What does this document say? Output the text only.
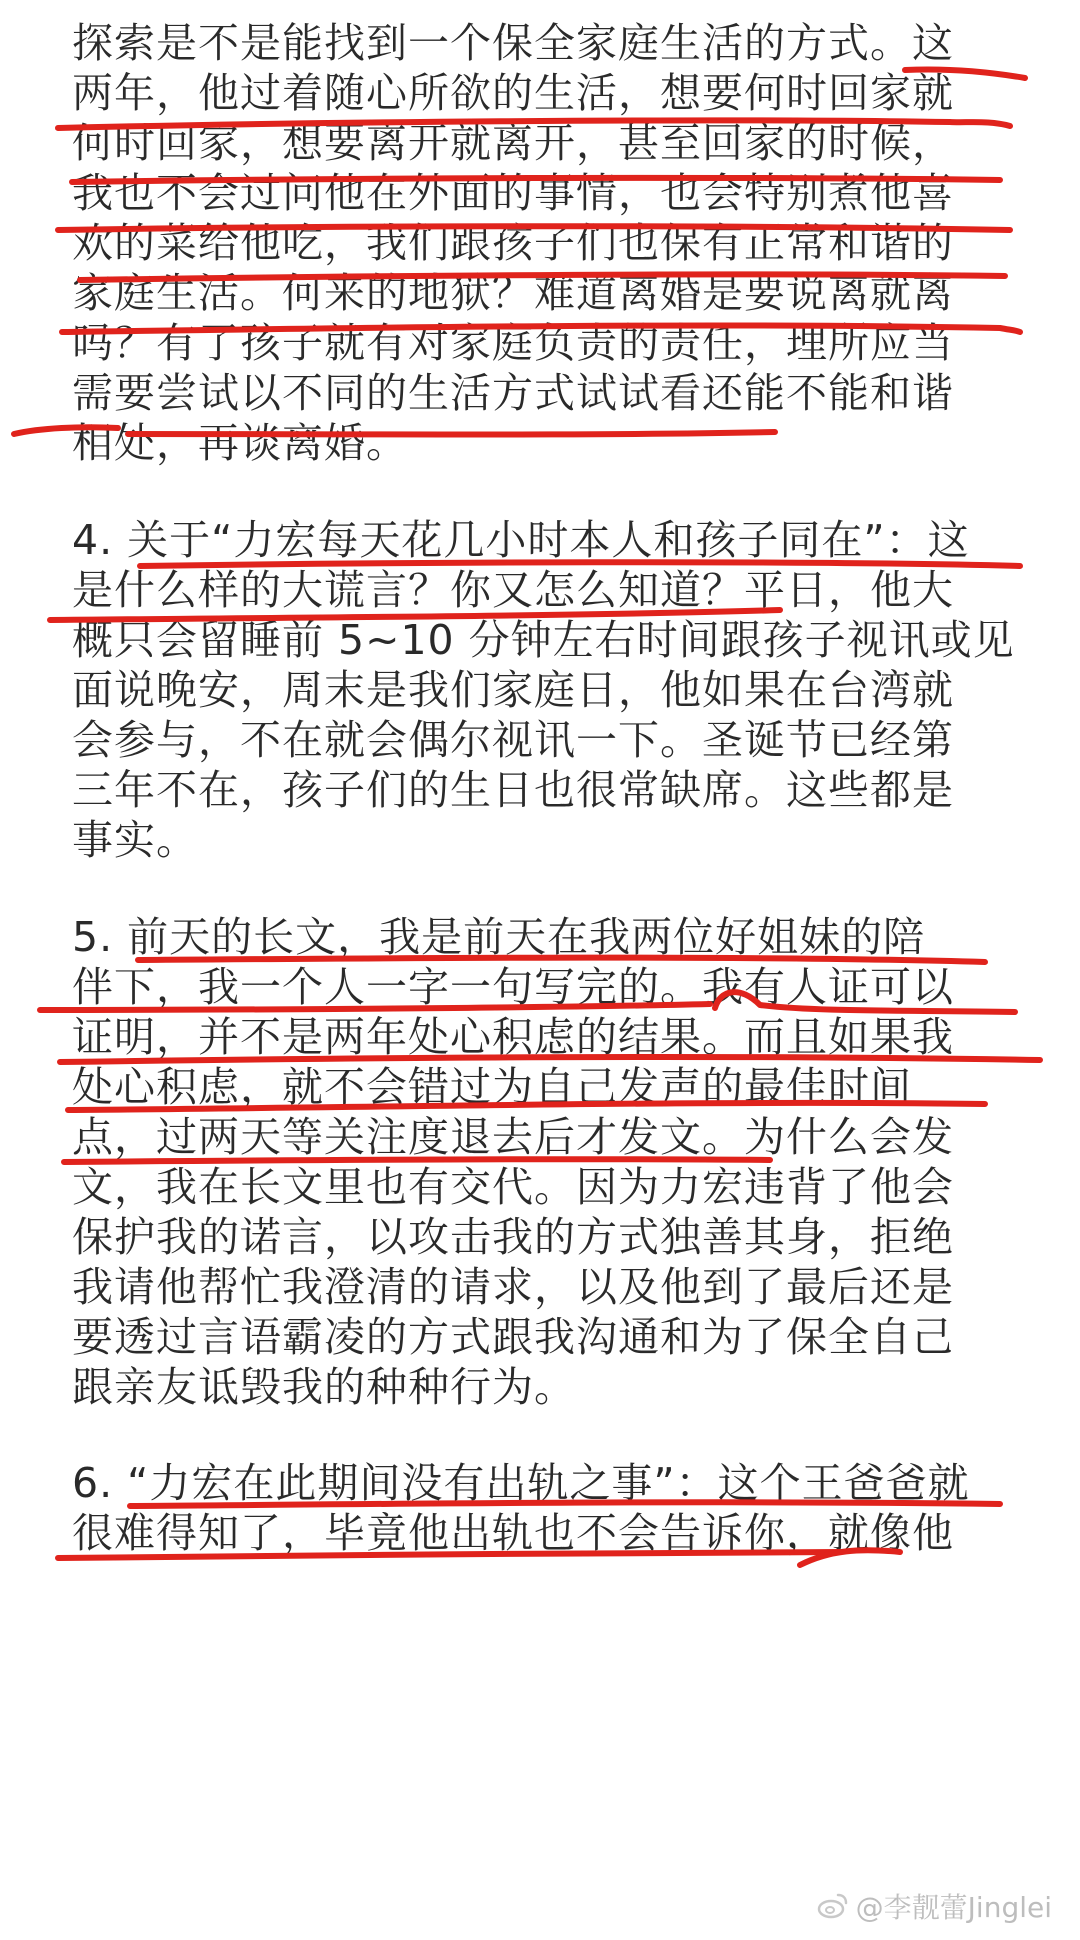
探索是不是能找到一个保全家庭生活的方式。这
两年，他过着随心所欲的生活，想要何时回家就
何时回家，想要离开就离开，甚至回家的时候，
我也不会过问他在外面的事情，也会特别煮他喜
欢的菜给他吃，我们跟孩子们也保有正常和谐的
家庭生活。何来的地狱？难道离婚是要说离就离
吗？有了孩子就有对家庭负责的责任，理所应当
需要尝试以不同的生活方式试试看还能不能和谐
相处，再谈离婚。
4. 关于“力宏每天花几小时本人和孩子同在”：这
是什么样的大谎言？你又怎么知道？平日，他大
概只会留睡前 5~10 分钟左右时间跟孩子视讯或见
面说晚安，周末是我们家庭日，他如果在台湾就
会参与，不在就会偶尔视讯一下。圣诞节已经第
三年不在，孩子们的生日也很常缺席。这些都是
事实。
5. 前天的长文，我是前天在我两位好姐妹的陪
伴下，我一个人一字一句写完的。我有人证可以
证明，并不是两年处心积虑的结果。而且如果我
处心积虑，就不会错过为自己发声的最佳时间
点，过两天等关注度退去后才发文。为什么会发
文，我在长文里也有交代。因为力宏违背了他会
保护我的诺言，以攻击我的方式独善其身，拒绝
我请他帮忙我澄清的请求，以及他到了最后还是
要透过言语霸凌的方式跟我沟通和为了保全自己
跟亲友诋毁我的种种行为。
6. “力宏在此期间没有出轨之事”：这个王爸爸就
很难得知了，毕竟他出轨也不会告诉你，就像他
@李靓蕾Jinglei
